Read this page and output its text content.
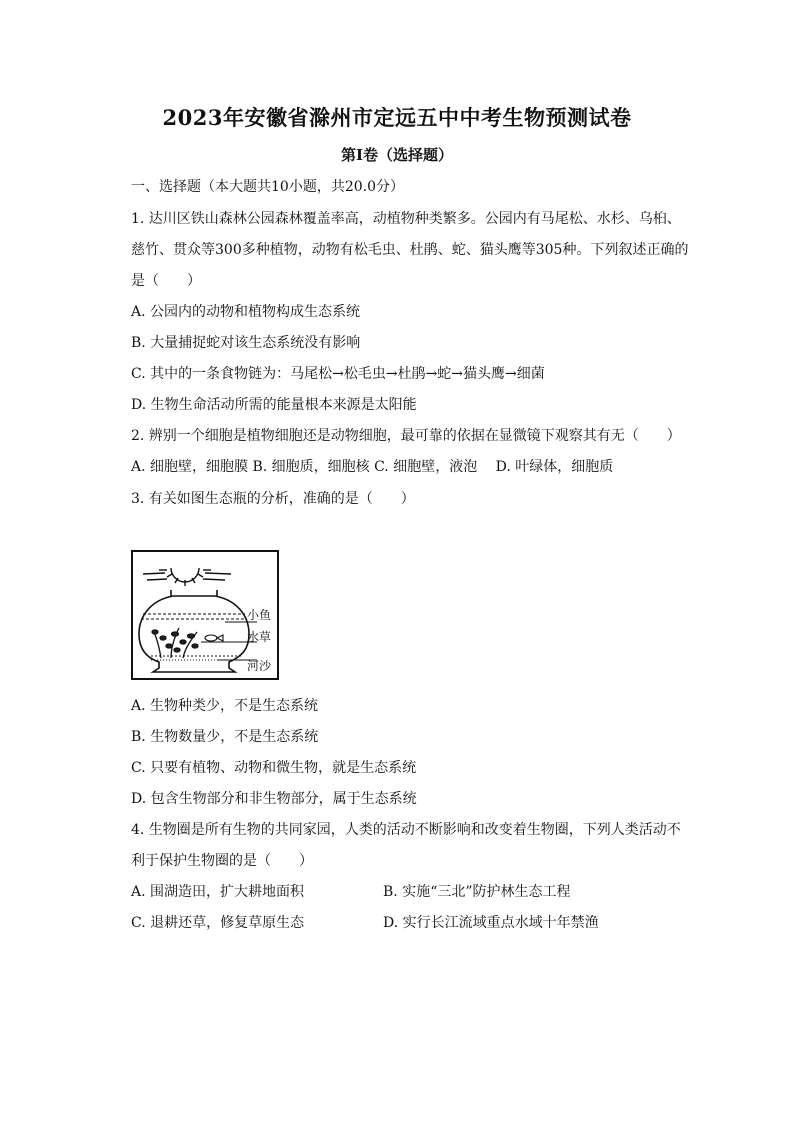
2023年安徽省滁州市定远五中中考生物预测试卷
第I卷（选择题）
一、选择题（本大题共10小题，共20.0分）
1. 达川区铁山森林公园森林覆盖率高，动植物种类繁多。公园内有马尾松、水杉、乌桕、
慈竹、贯众等300多种植物，动物有松毛虫、杜鹃、蛇、猫头鹰等305种。下列叙述正确的
是（　　）
A. 公园内的动物和植物构成生态系统
B. 大量捕捉蛇对该生态系统没有影响
C. 其中的一条食物链为：马尾松→松毛虫→杜鹃→蛇→猫头鹰→细菌
D. 生物生命活动所需的能量根本来源是太阳能
2. 辨别一个细胞是植物细胞还是动物细胞，最可靠的依据在显微镜下观察其有无（　　）
A. 细胞壁，细胞膜 B. 细胞质，细胞核 C. 细胞壁，液泡　 D. 叶绿体，细胞质
3. 有关如图生态瓶的分析，准确的是（　　）
小鱼
水草
河沙
A. 生物种类少，不是生态系统
B. 生物数量少，不是生态系统
C. 只要有植物、动物和微生物，就是生态系统
D. 包含生物部分和非生物部分，属于生态系统
4. 生物圈是所有生物的共同家园，人类的活动不断影响和改变着生物圈，下列人类活动不
利于保护生物圈的是（　　）
A. 围湖造田，扩大耕地面积	B. 实施“三北”防护林生态工程
C. 退耕还草，修复草原生态	D. 实行长江流域重点水域十年禁渔
